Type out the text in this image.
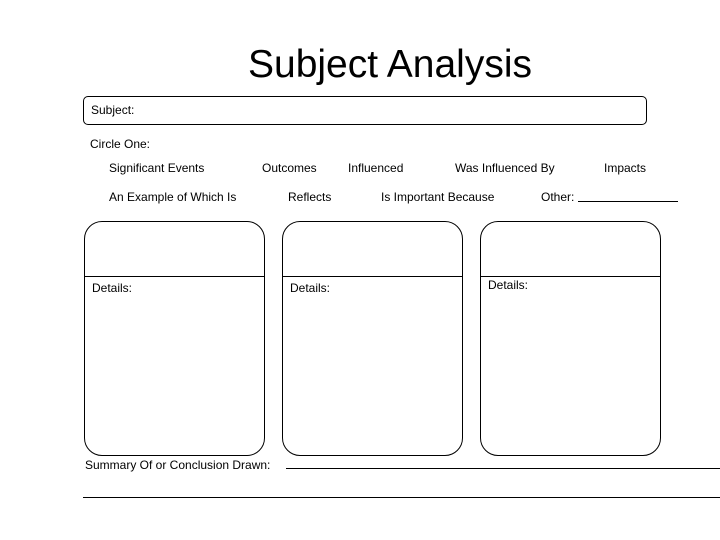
Subject Analysis
Subject:
Circle One:
Significant Events	Outcomes	Influenced	Was Influenced By	Impacts
An Example of Which Is	Reflects	Is Important Because	Other:
Details:	Details:	Details:
Summary Of or Conclusion Drawn:
